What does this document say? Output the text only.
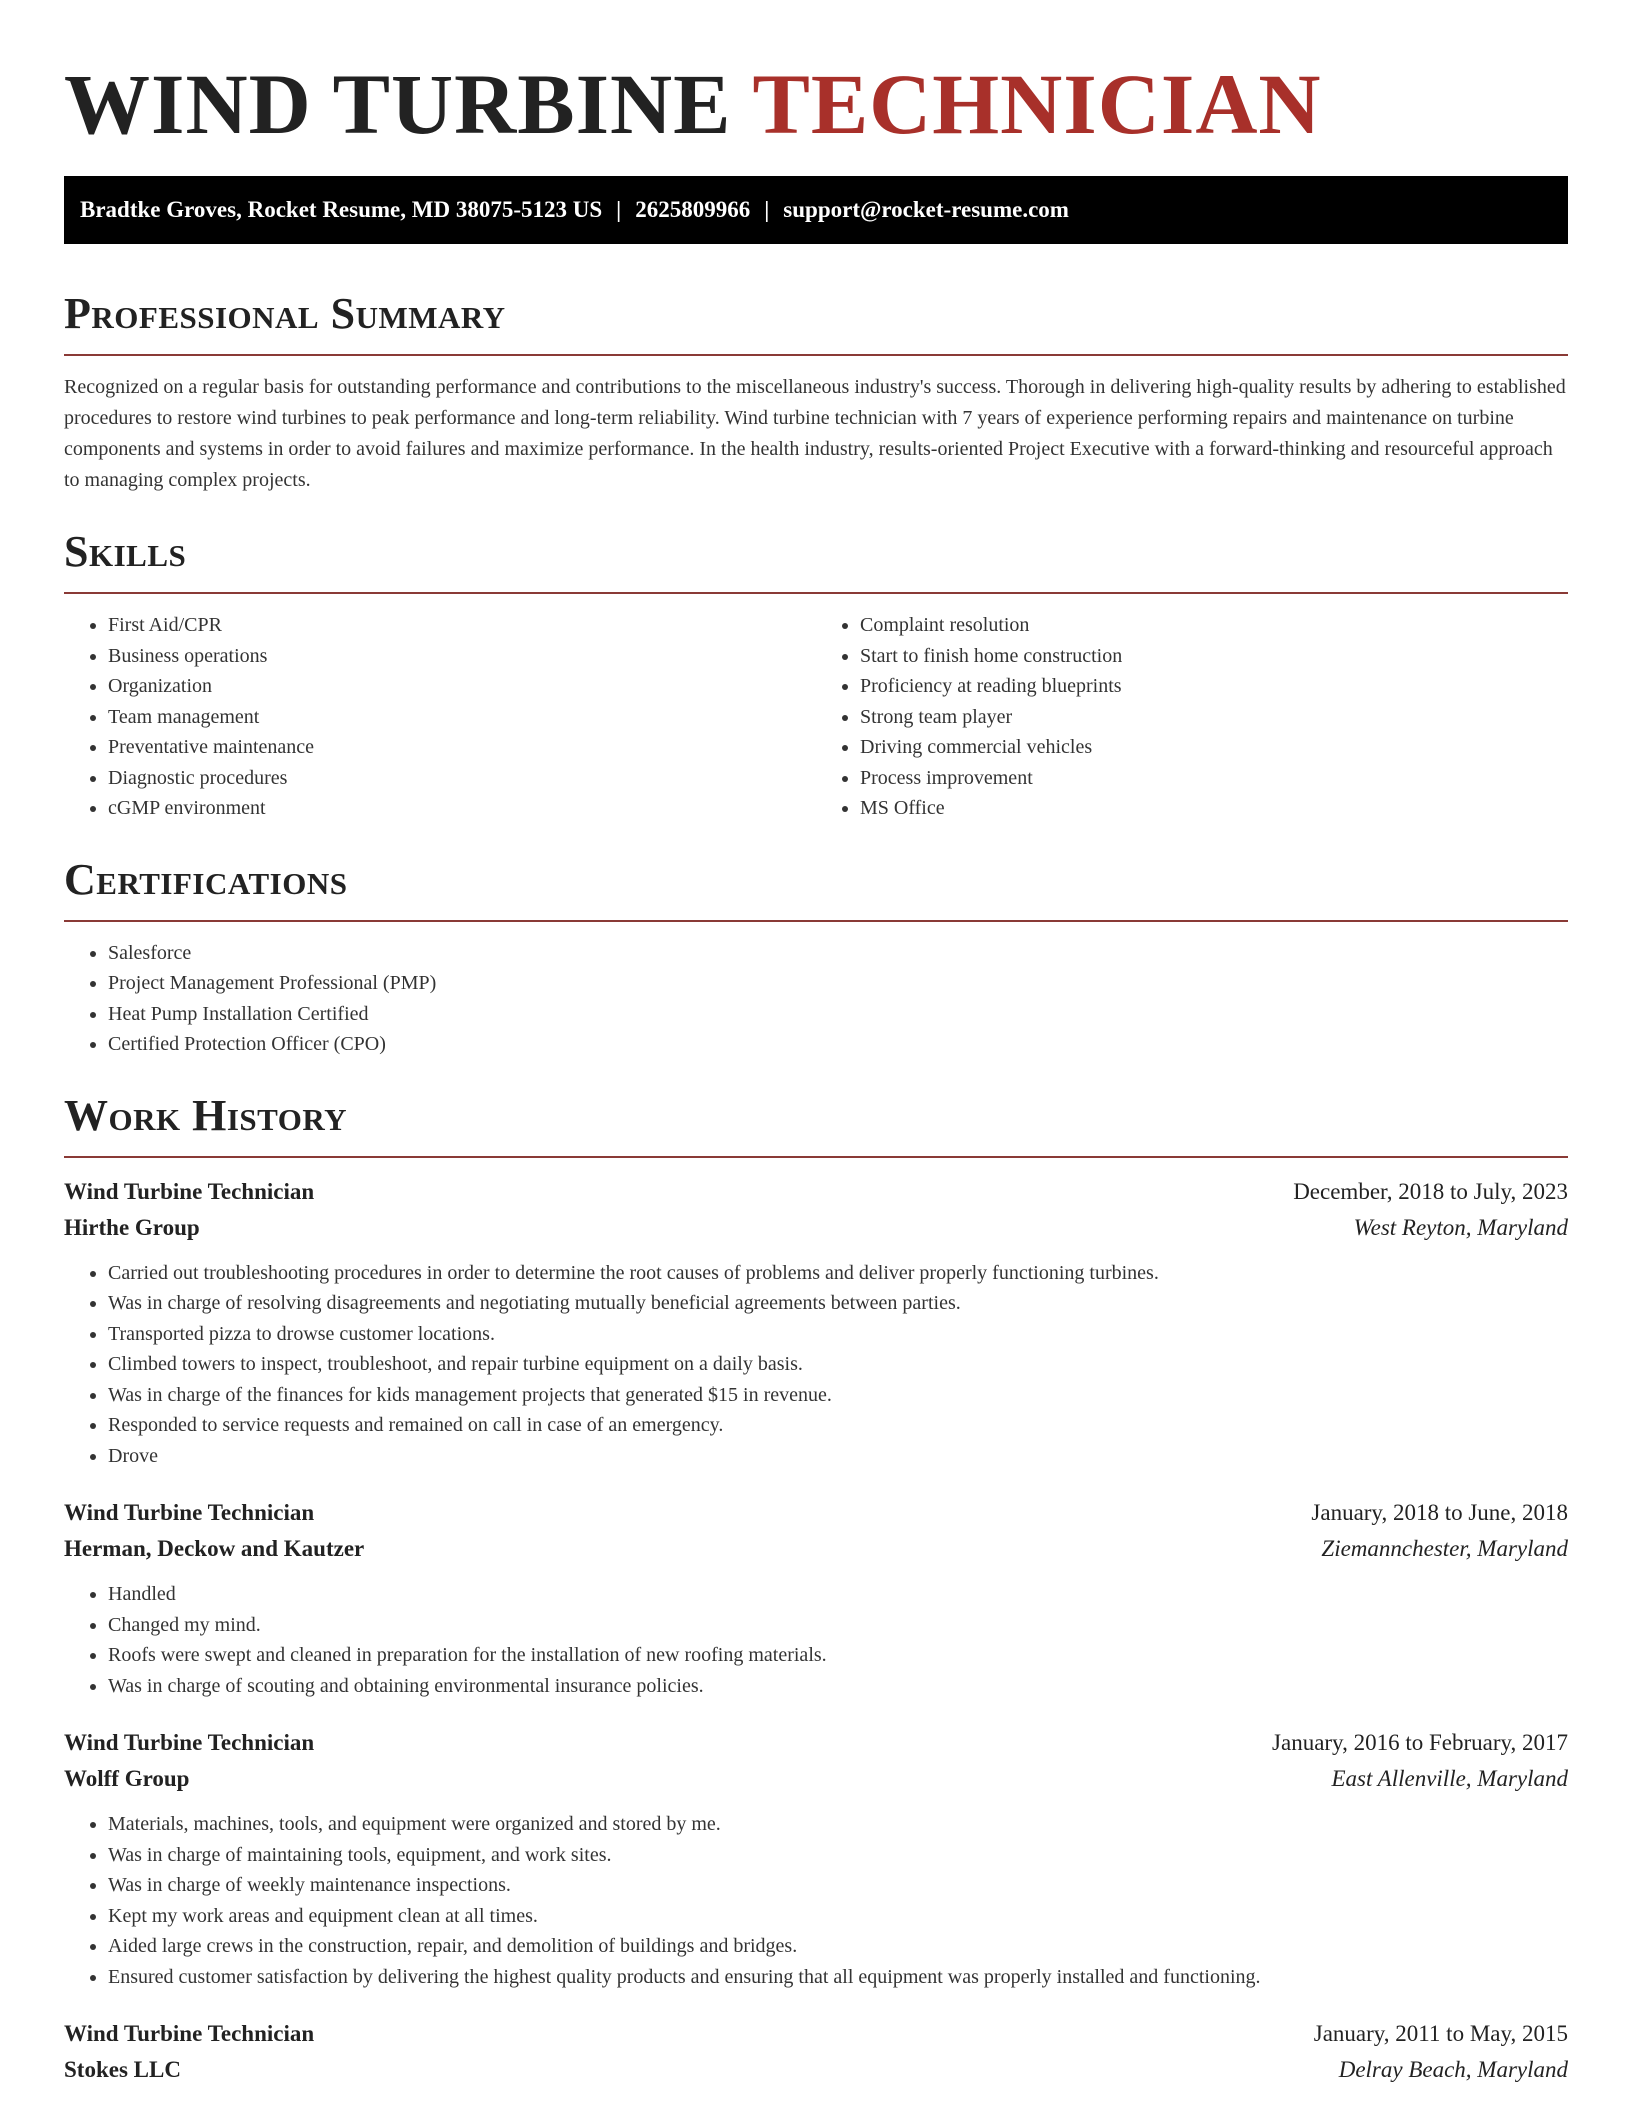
WIND TURBINE TECHNICIAN
Bradtke Groves, Rocket Resume, MD 38075-5123 US | 2625809966 | support@rocket-resume.com
Professional Summary

Recognized on a regular basis for outstanding performance and contributions to the miscellaneous industry's success. Thorough in delivering high-quality results by adhering to established procedures to restore wind turbines to peak performance and long-term reliability. Wind turbine technician with 7 years of experience performing repairs and maintenance on turbine components and systems in order to avoid failures and maximize performance. In the health industry, results-oriented Project Executive with a forward-thinking and resourceful approach to managing complex projects.

Skills
• First Aid/CPR
• Business operations
• Organization
• Team management
• Preventative maintenance
• Diagnostic procedures
• cGMP environment
• Complaint resolution
• Start to finish home construction
• Proficiency at reading blueprints
• Strong team player
• Driving commercial vehicles
• Process improvement
• MS Office
Certifications
• Salesforce
• Project Management Professional (PMP)
• Heat Pump Installation Certified
• Certified Protection Officer (CPO)
Work History
Wind Turbine Technician	December, 2018 to July, 2023
Hirthe Group	West Reyton, Maryland
• Carried out troubleshooting procedures in order to determine the root causes of problems and deliver properly functioning turbines.
• Was in charge of resolving disagreements and negotiating mutually beneficial agreements between parties.
• Transported pizza to drowse customer locations.
• Climbed towers to inspect, troubleshoot, and repair turbine equipment on a daily basis.
• Was in charge of the finances for kids management projects that generated $15 in revenue.
• Responded to service requests and remained on call in case of an emergency.
• Drove
Wind Turbine Technician	January, 2018 to June, 2018
Herman, Deckow and Kautzer	Ziemannchester, Maryland
• Handled
• Changed my mind.
• Roofs were swept and cleaned in preparation for the installation of new roofing materials.
• Was in charge of scouting and obtaining environmental insurance policies.
Wind Turbine Technician	January, 2016 to February, 2017
Wolff Group	East Allenville, Maryland
• Materials, machines, tools, and equipment were organized and stored by me.
• Was in charge of maintaining tools, equipment, and work sites.
• Was in charge of weekly maintenance inspections.
• Kept my work areas and equipment clean at all times.
• Aided large crews in the construction, repair, and demolition of buildings and bridges.
• Ensured customer satisfaction by delivering the highest quality products and ensuring that all equipment was properly installed and functioning.
Wind Turbine Technician	January, 2011 to May, 2015
Stokes LLC	Delray Beach, Maryland
